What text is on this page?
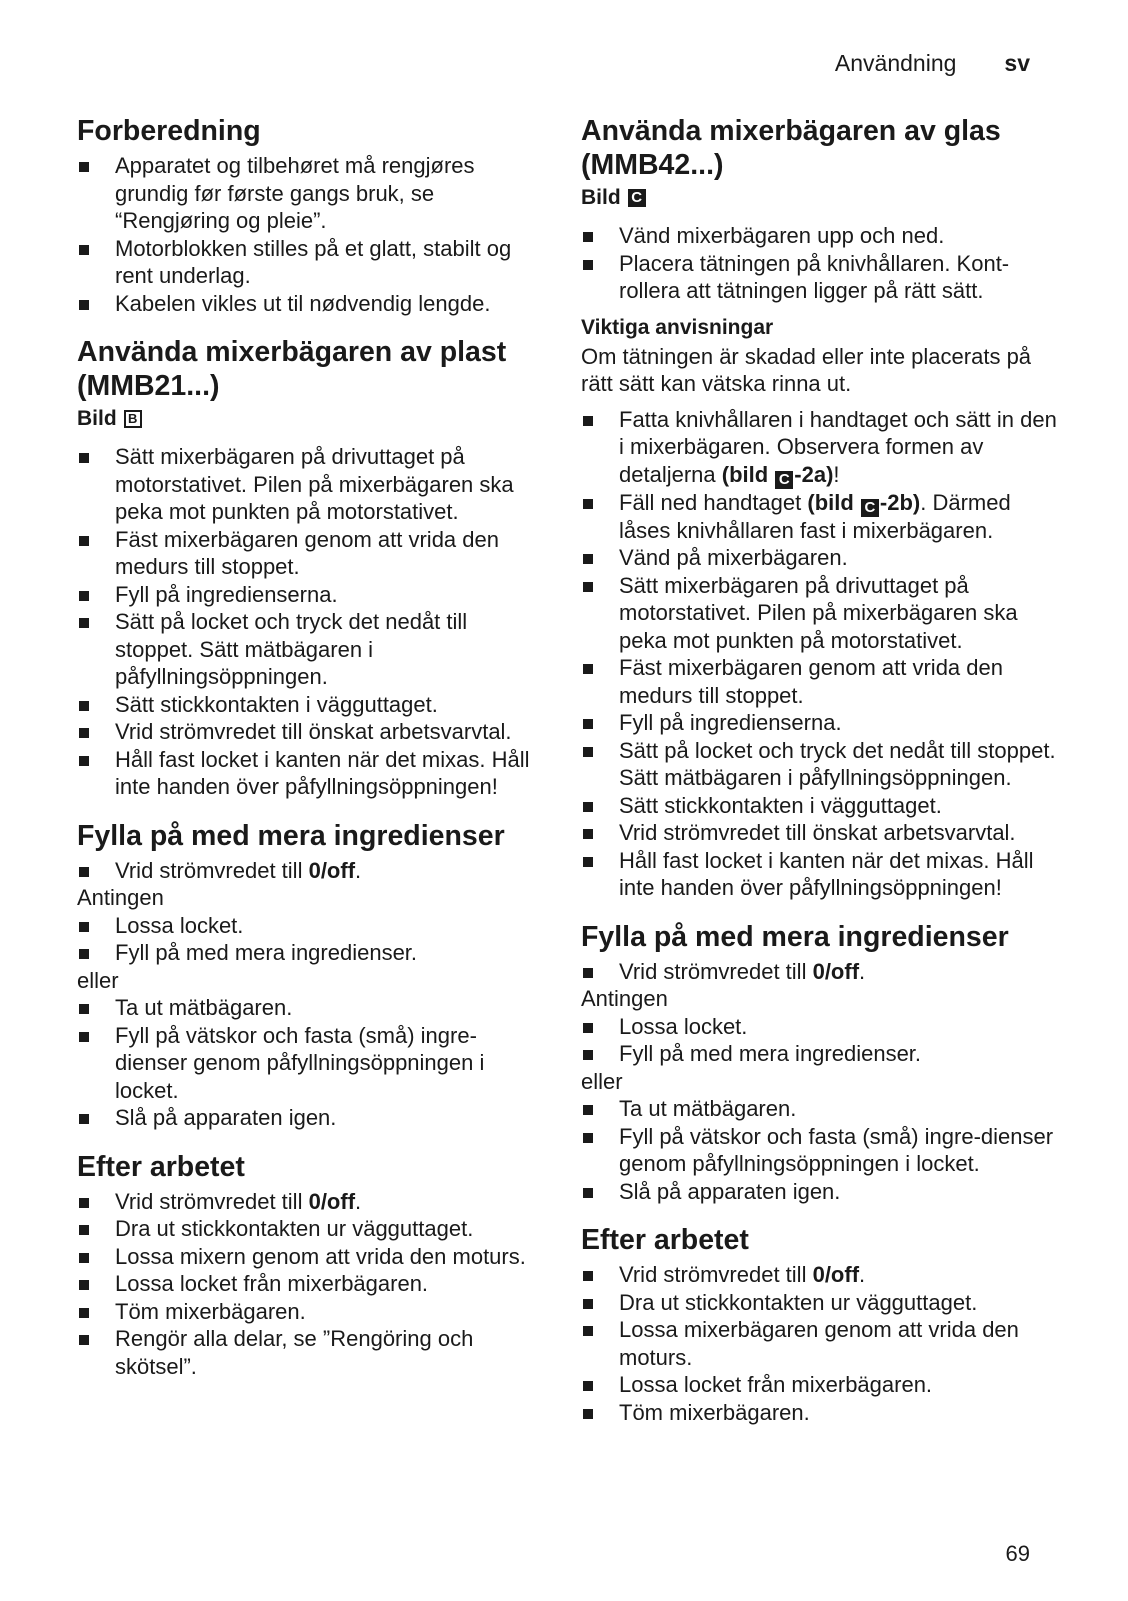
Användning sv
Forberedning
Apparatet og tilbehøret må rengjøres grundig før første gangs bruk, se “Rengjøring og pleie”.
Motorblokken stilles på et glatt, stabilt og rent underlag.
Kabelen vikles ut til nødvendig lengde.
Använda mixerbägaren av plast (MMB21...)
Bild B
Sätt mixerbägaren på drivuttaget på motorstativet. Pilen på mixerbägaren ska peka mot punkten på motorstativet.
Fäst mixerbägaren genom att vrida den medurs till stoppet.
Fyll på ingredienserna.
Sätt på locket och tryck det nedåt till stoppet. Sätt mätbägaren i påfyllningsöppningen.
Sätt stickkontakten i vägguttaget.
Vrid strömvredet till önskat arbetsvarvtal.
Håll fast locket i kanten när det mixas. Håll inte handen över påfyllningsöppningen!
Fylla på med mera ingredienser
Vrid strömvredet till 0/off.

Antingen

Lossa locket.
Fyll på med mera ingredienser.

eller

Ta ut mätbägaren.
Fyll på vätskor och fasta (små) ingre-dienser genom påfyllningsöppningen i locket.
Slå på apparaten igen.
Efter arbetet
Vrid strömvredet till 0/off.
Dra ut stickkontakten ur vägguttaget.
Lossa mixern genom att vrida den moturs.
Lossa locket från mixerbägaren.
Töm mixerbägaren.
Rengör alla delar, se ”Rengöring och skötsel”.
Använda mixerbägaren av glas (MMB42...)
Bild C
Vänd mixerbägaren upp och ned.
Placera tätningen på knivhållaren. Kont-rollera att tätningen ligger på rätt sätt.
Viktiga anvisningar

Om tätningen är skadad eller inte placerats på rätt sätt kan vätska rinna ut.

Fatta knivhållaren i handtaget och sätt in den i mixerbägaren. Observera formen av detaljerna (bild C -2a)!
Fäll ned handtaget (bild C -2b). Därmed låses knivhållaren fast i mixerbägaren.
Vänd på mixerbägaren.
Sätt mixerbägaren på drivuttaget på motorstativet. Pilen på mixerbägaren ska peka mot punkten på motorstativet.
Fäst mixerbägaren genom att vrida den medurs till stoppet.
Fyll på ingredienserna.
Sätt på locket och tryck det nedåt till stoppet. Sätt mätbägaren i påfyllningsöppningen.
Sätt stickkontakten i vägguttaget.
Vrid strömvredet till önskat arbetsvarvtal.
Håll fast locket i kanten när det mixas. Håll inte handen över påfyllningsöppningen!
Fylla på med mera ingredienser
Vrid strömvredet till 0/off.

Antingen

Lossa locket.
Fyll på med mera ingredienser.

eller

Ta ut mätbägaren.
Fyll på vätskor och fasta (små) ingre-dienser genom påfyllningsöppningen i locket.
Slå på apparaten igen.
Efter arbetet
Vrid strömvredet till 0/off.
Dra ut stickkontakten ur vägguttaget.
Lossa mixerbägaren genom att vrida den moturs.
Lossa locket från mixerbägaren.
Töm mixerbägaren.
69
